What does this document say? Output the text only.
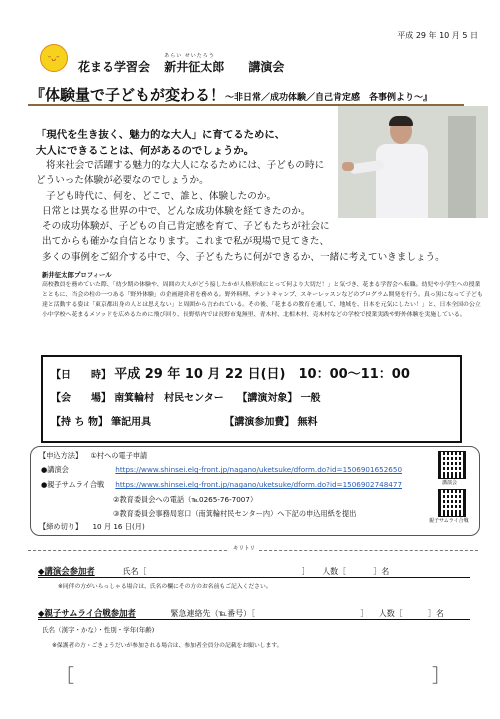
平成 29 年 10 月 5 日
ᵔᴗᵔ
花まる学習会
あらい せいたろう
新井征太郎 講演会
『体験量で子どもが変わる！～非日常／成功体験／自己肯定感　各事例より～』
「現代を生き抜く、魅力的な大人」に育てるために、
大人にできることは、何があるのでしょうか。
将来社会で活躍する魅力的な大人になるためには、子どもの時に
どういった体験が必要なのでしょうか。
子ども時代に、何を、どこで、誰と、体験したのか。
日常とは異なる世界の中で、どんな成功体験を経てきたのか。
その成功体験が、子どもの自己肯定感を育て、子どもたちが社会に
出てからも確かな自信となります。これまで私が現場で見てきた、
多くの事例をご紹介する中で、今、子どもたちに何ができるか、一緒に考えていきましょう。
新井征太郎プロフィール
高校教員を務めていた際、「幼少期の体験や、周囲の大人がどう接したかが人格形成にとって何より大切だ！」と気づき、花まる学習会へ転職。幼児や小学生への授業とともに、当会の柱の一つある「野外体験」の企画運営者を務める。野外料理、テントキャンプ、スキーレッスンなどのプログラム開発を行う。真っ黒になって子ども達と活動する姿は「東京都出身の人とは思えない」と周囲から言われている。その後、「花まるの教育を通して、地域を、日本を元気にしたい！」と、日本全国の公立小中学校へ花まるメソッドを広めるために飛び回り、長野県内では長野市鬼無里、青木村、北相木村、売木村などの学校で授業実践や野外体験を実施している。
【日　　時】 平成 29 年 10 月 22 日(日)　10：00～11：00
【会　　場】 南箕輪村　村民センター 【講演対象】 一般
【持 ち 物】 筆記用具	【講演参加費】 無料
【申込方法】 ①村への電子申請
●講演会	https://www.shinsei.elg-front.jp/nagano/uketsuke/dform.do?id=1506901652650
●親子サムライ合戦 https://www.shinsei.elg-front.jp/nagano/uketsuke/dform.do?id=1506902748477
②教育委員会への電話（℡0265-76-7007）
③教育委員会事務局窓口（南箕輪村民センター内）へ下記の申込用紙を提出
【締め切り】 10 月 16 日(月)
講演会
親子サムライ合戦
キリトリ
◆講演会参加者	氏名［	］ 人数［	］名
※同伴の方がいらっしゃる場合は、氏名の欄にその方のお名前もご記入ください。
◆親子サムライ合戦参加者	緊急連絡先（℡番号）［	］ 人数［	］名
氏名（漢字・かな）・性別・学年(年齢)
※保護者の方・ごきょうだいが参加される場合は、参加者全員分の記載をお願いします。
［	］
